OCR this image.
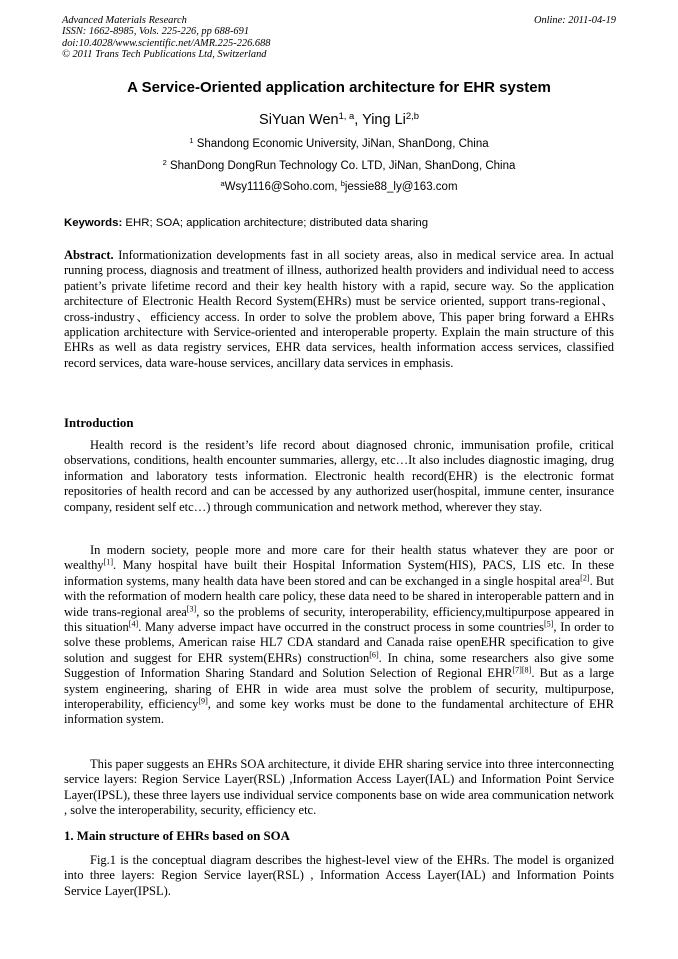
Advanced Materials Research
ISSN: 1662-8985, Vols. 225-226, pp 688-691
doi:10.4028/www.scientific.net/AMR.225-226.688
© 2011 Trans Tech Publications Ltd, Switzerland
Online: 2011-04-19
A Service-Oriented application architecture for EHR system
SiYuan Wen$^{1, a}$, Ying Li$^{2,b}$
$^1$ Shandong Economic University, JiNan, ShanDong, China
$^2$ ShanDong DongRun Technology Co. LTD, JiNan, ShanDong, China
$^a$Wsy1116@Soho.com, $^b$jessie88_ly@163.com
Keywords: EHR; SOA; application architecture; distributed data sharing

Abstract. Informationization developments fast in all society areas, also in medical service area. In actual running process, diagnosis and treatment of illness, authorized health providers and individual need to access patient’s private lifetime record and their key health history with a rapid, secure way. So the application architecture of Electronic Health Record System(EHRs) must be service oriented, support trans-regional、cross-industry、efficiency access. In order to solve the problem above, This paper bring forward a EHRs application architecture with Service-oriented and interoperable property. Explain the main structure of this EHRs as well as data registry services, EHR data services, health information access services, classified record services, data ware-house services, ancillary data services in emphasis.

Introduction

Health record is the resident’s life record about diagnosed chronic, immunisation profile, critical observations, conditions, health encounter summaries, allergy, etc…It also includes diagnostic imaging, drug information and laboratory tests information. Electronic health record(EHR) is the electronic format repositories of health record and can be accessed by any authorized user(hospital, immune center, insurance company, resident self etc…) through communication and network method, wherever they stay.

In modern society, people more and more care for their health status whatever they are poor or wealthy[1]. Many hospital have built their Hospital Information System(HIS), PACS, LIS etc. In these information systems, many health data have been stored and can be exchanged in a single hospital area[2]. But with the reformation of modern health care policy, these data need to be shared in interoperable pattern and in wide trans-regional area[3], so the problems of security, interoperability, efficiency,multipurpose appeared in this situation[4]. Many adverse impact have occurred in the construct process in some countries[5], In order to solve these problems, American raise HL7 CDA standard and Canada raise openEHR specification to give solution and suggest for EHR system(EHRs) construction[6]. In china, some researchers also give some Suggestion of Information Sharing Standard and Solution Selection of Regional EHR[7][8]. But as a large system engineering, sharing of EHR in wide area must solve the problem of security, multipurpose, interoperability, efficiency[9], and some key works must be done to the fundamental architecture of EHR information system.

This paper suggests an EHRs SOA architecture, it divide EHR sharing service into three interconnecting service layers: Region Service Layer(RSL) ,Information Access Layer(IAL) and Information Point Service Layer(IPSL), these three layers use individual service components base on wide area communication network , solve the interoperability, security, efficiency etc.

1. Main structure of EHRs based on SOA

Fig.1 is the conceptual diagram describes the highest-level view of the EHRs. The model is organized into three layers: Region Service layer(RSL) , Information Access Layer(IAL) and Information Points Service Layer(IPSL).
